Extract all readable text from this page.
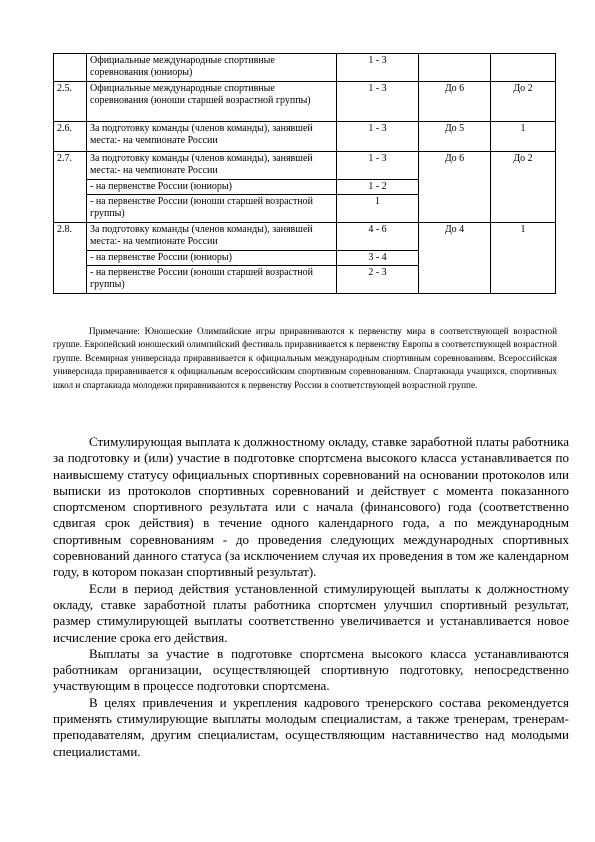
	Официальные международные спортивные соревнования (юниоры)	1 - 3		
2.5.	Официальные международные спортивные соревнования (юноши старшей возрастной группы)	1 - 3	До 6	До 2
2.6.	За подготовку команды (членов команды), занявшей места:- на чемпионате России	1 - 3	До 5	1
2.7.	За подготовку команды (членов команды), занявшей места:- на чемпионате России	1 - 3	До 6	До 2
	- на первенстве России (юниоры)	1 - 2		
	- на первенстве России (юноши старшей возрастной группы)	1		
2.8.	За подготовку команды (членов команды), занявшей места:- на чемпионате России	4 - 6	До 4	1
	- на первенстве России (юниоры)	3 - 4		
	- на первенстве России (юноши старшей возрастной группы)	2 - 3		

Примечание: Юношеские Олимпийские игры приравниваются к первенству мира в соответствующей возрастной группе. Европейский юношеский олимпийский фестиваль приравнивается к первенству Европы в соответствующей возрастной группе. Всемирная универсиада приравнивается к официальным международным спортивным соревнованиям. Всероссийская универсиада приравнивается к официальным всероссийским спортивным соревнованиям. Спартакиада учащихся, спортивных школ и спартакиада молодежи приравниваются к первенству России в соответствующей возрастной группе.

Стимулирующая выплата к должностному окладу, ставке заработной платы работника за подготовку и (или) участие в подготовке спортсмена высокого класса устанавливается по наивысшему статусу официальных спортивных соревнований на основании протоколов или выписки из протоколов спортивных соревнований и действует с момента показанного спортсменом спортивного результата или с начала (финансового) года (соответственно сдвигая срок действия) в течение одного календарного года, а по международным спортивным соревнованиям - до проведения следующих международных спортивных соревнований данного статуса (за исключением случая их проведения в том же календарном году, в котором показан спортивный результат).

Если в период действия установленной стимулирующей выплаты к должностному окладу, ставке заработной платы работника спортсмен улучшил спортивный результат, размер стимулирующей выплаты соответственно увеличивается и устанавливается новое исчисление срока его действия.

Выплаты за участие в подготовке спортсмена высокого класса устанавливаются работникам организации, осуществляющей спортивную подготовку, непосредственно участвующим в процессе подготовки спортсмена.

В целях привлечения и укрепления кадрового тренерского состава рекомендуется применять стимулирующие выплаты молодым специалистам, а также тренерам, тренерам-преподавателям, другим специалистам, осуществляющим наставничество над молодыми специалистами.
